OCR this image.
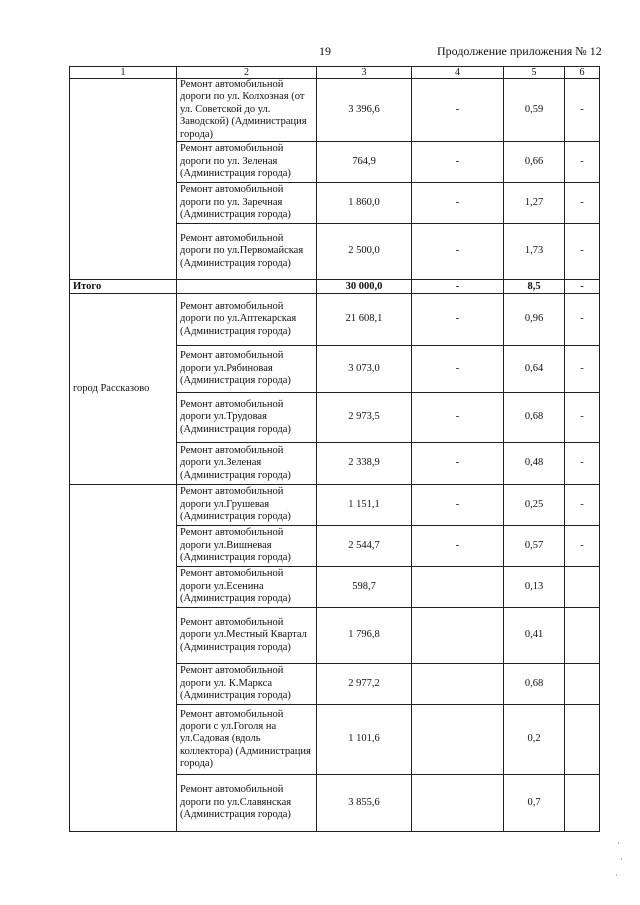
19	Продолжение приложения № 12
1	2	3	4	5	6
	Ремонт автомобильной дороги по ул. Колхозная (от ул. Советской до ул. Заводской) (Администрация города)	3 396,6	-	0,59	-
	Ремонт автомобильной дороги по ул. Зеленая (Администрация города)	764,9	-	0,66	-
	Ремонт автомобильной дороги по ул. Заречная (Администрация города)	1 860,0	-	1,27	-
	Ремонт автомобильной дороги по ул.Первомайская (Администрация города)	2 500,0	-	1,73	-
Итого		30 000,0	-	8,5	-
город Рассказово	Ремонт автомобильной дороги по ул.Аптекарская (Администрация города)	21 608,1	-	0,96	-
	Ремонт автомобильной дороги ул.Рябиновая (Администрация города)	3 073,0	-	0,64	-
	Ремонт автомобильной дороги ул.Трудовая (Администрация города)	2 973,5	-	0,68	-
	Ремонт автомобильной дороги ул.Зеленая (Администрация города)	2 338,9	-	0,48	-
	Ремонт автомобильной дороги ул.Грушевая (Администрация города)	1 151,1	-	0,25	-
	Ремонт автомобильной дороги ул.Вишневая (Администрация города)	2 544,7	-	0,57	-
	Ремонт автомобильной дороги ул.Есенина (Администрация города)	598,7		0,13	
	Ремонт автомобильной дороги ул.Местный Квартал (Администрация города)	1 796,8		0,41	
	Ремонт автомобильной дороги ул. К.Маркса (Администрация города)	2 977,2		0,68	
	Ремонт автомобильной дороги с ул.Гоголя на ул.Садовая (вдоль коллектора) (Администрация города)	1 101,6		0,2	
	Ремонт автомобильной дороги по ул.Славянская (Администрация города)	3 855,6		0,7	
